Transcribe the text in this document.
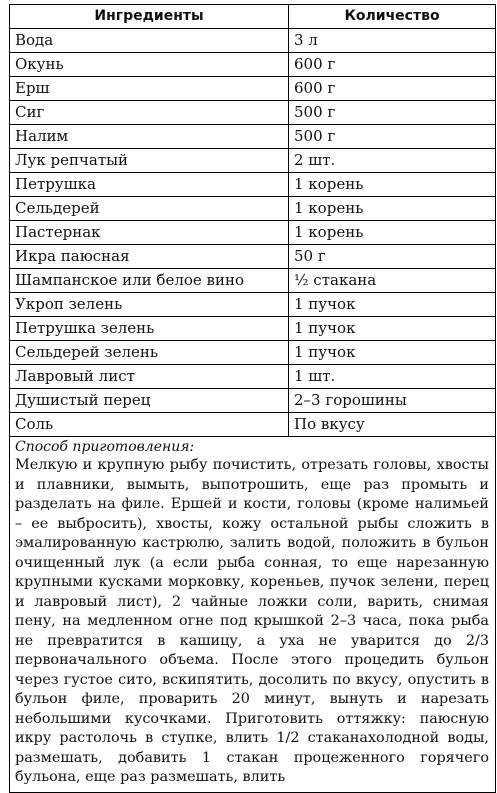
Ингредиенты	Количество
Вода	3 л
Окунь	600 г
Ерш	600 г
Сиг	500 г
Налим	500 г
Лук репчатый	2 шт.
Петрушка	1 корень
Сельдерей	1 корень
Пастернак	1 корень
Икра паюсная	50 г
Шампанское или белое вино	½ стакана
Укроп зелень	1 пучок
Петрушка зелень	1 пучок
Сельдерей зелень	1 пучок
Лавровый лист	1 шт.
Душистый перец	2–3 горошины
Соль	По вкусу

Способ приготовления:
Мелкую и крупную рыбу почистить, отрезать головы, хвосты и плавники, вымыть, выпотрошить, еще раз промыть и разделать на филе. Ершей и кости, головы (кроме налимьей – ее выбросить), хвосты, кожу остальной рыбы сложить в эмалированную кастрюлю, залить водой, положить в бульон очищенный лук (а если рыба сонная, то еще нарезанную крупными кусками морковку, кореньев, пучок зелени, перец и лавровый лист), 2 чайные ложки соли, варить, снимая пену, на медленном огне под крышкой 2–3 часа, пока рыба не превратится в кашицу, а уха не уварится до 2/3 первоначального объема. После этого процедить бульон через густое сито, вскипятить, досолить по вкусу, опустить в бульон филе, проварить 20 минут, вынуть и нарезать небольшими кусочками. Приготовить оттяжку: паюсную икру растолочь в ступке, влить 1/2 стаканахолодной воды, размешать, добавить 1 стакан процеженного горячего бульона, еще раз размешать, влить	
